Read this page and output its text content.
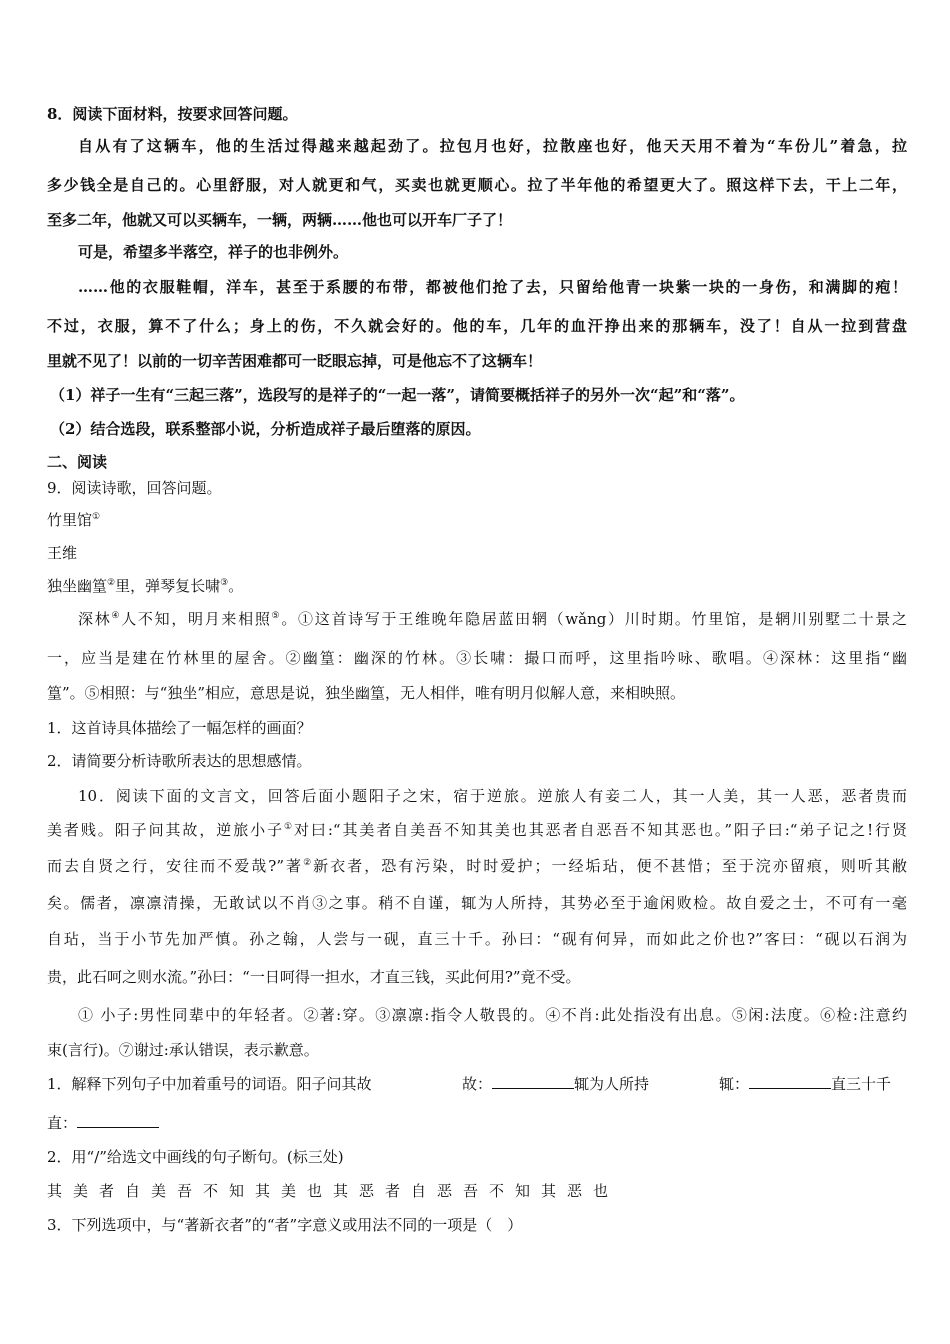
8．阅读下面材料，按要求回答问题。
自从有了这辆车，他的生活过得越来越起劲了。拉包月也好，拉散座也好，他天天用不着为“车份儿”着急，拉
多少钱全是自己的。心里舒服，对人就更和气，买卖也就更顺心。拉了半年他的希望更大了。照这样下去，干上二年，
至多二年，他就又可以买辆车，一辆，两辆……他也可以开车厂子了！
可是，希望多半落空，祥子的也非例外。
……他的衣服鞋帽，洋车，甚至于系腰的布带，都被他们抢了去，只留给他青一块紫一块的一身伤，和满脚的疱！
不过，衣服，算不了什么；身上的伤，不久就会好的。他的车，几年的血汗挣出来的那辆车，没了！自从一拉到营盘
里就不见了！以前的一切辛苦困难都可一眨眼忘掉，可是他忘不了这辆车！
（1）祥子一生有“三起三落”，选段写的是祥子的“一起一落”，请简要概括祥子的另外一次“起”和“落”。
（2）结合选段，联系整部小说，分析造成祥子最后堕落的原因。
二、阅读
9．阅读诗歌，回答问题。
竹里馆①
王维
独坐幽篁②里，弹琴复长啸③。
深林④人不知，明月来相照⑤。①这首诗写于王维晚年隐居蓝田辋（wǎng）川时期。竹里馆，是辋川别墅二十景之
一，应当是建在竹林里的屋舍。②幽篁：幽深的竹林。③长啸：撮口而呼，这里指吟咏、歌唱。④深林：这里指“幽
篁”。⑤相照：与“独坐”相应，意思是说，独坐幽篁，无人相伴，唯有明月似解人意，来相映照。
1．这首诗具体描绘了一幅怎样的画面？
2．请简要分析诗歌所表达的思想感情。
10．阅读下面的文言文，回答后面小题阳子之宋，宿于逆旅。逆旅人有妾二人，其一人美，其一人恶，恶者贵而
美者贱。阳子问其故，逆旅小子①对曰:“其美者自美吾不知其美也其恶者自恶吾不知其恶也。”阳子曰:“弟子记之!行贤
而去自贤之行，安往而不爱哉?”著②新衣者，恐有污染，时时爱护；一经垢玷，便不甚惜；至于浣亦留痕，则听其敝
矣。儒者，凛凛清操，无敢试以不肖③之事。稍不自谨，辄为人所持，其势必至于逾闲败检。故自爱之士，不可有一毫
自玷，当于小节先加严慎。孙之翰，人尝与一砚，直三十千。孙曰：“砚有何异，而如此之价也?”客曰：“砚以石润为
贵，此石呵之则水流。”孙曰：“一日呵得一担水，才直三钱，买此何用?”竟不受。
① 小子:男性同辈中的年轻者。②著:穿。③凛凛:指令人敬畏的。④不肖:此处指没有出息。⑤闲:法度。⑥检:注意约
束(言行)。⑦谢过:承认错误，表示歉意。
1．解释下列句子中加着重号的词语。阳子问其故	故：	辄为人所持	辄：	直三十千
直：
2．用“/”给选文中画线的句子断句。(标三处)
其 美 者 自 美 吾 不 知 其 美 也 其 恶 者 自 恶 吾 不 知 其 恶 也
3．下列选项中，与“著新衣者”的“者”字意义或用法不同的一项是（　）
